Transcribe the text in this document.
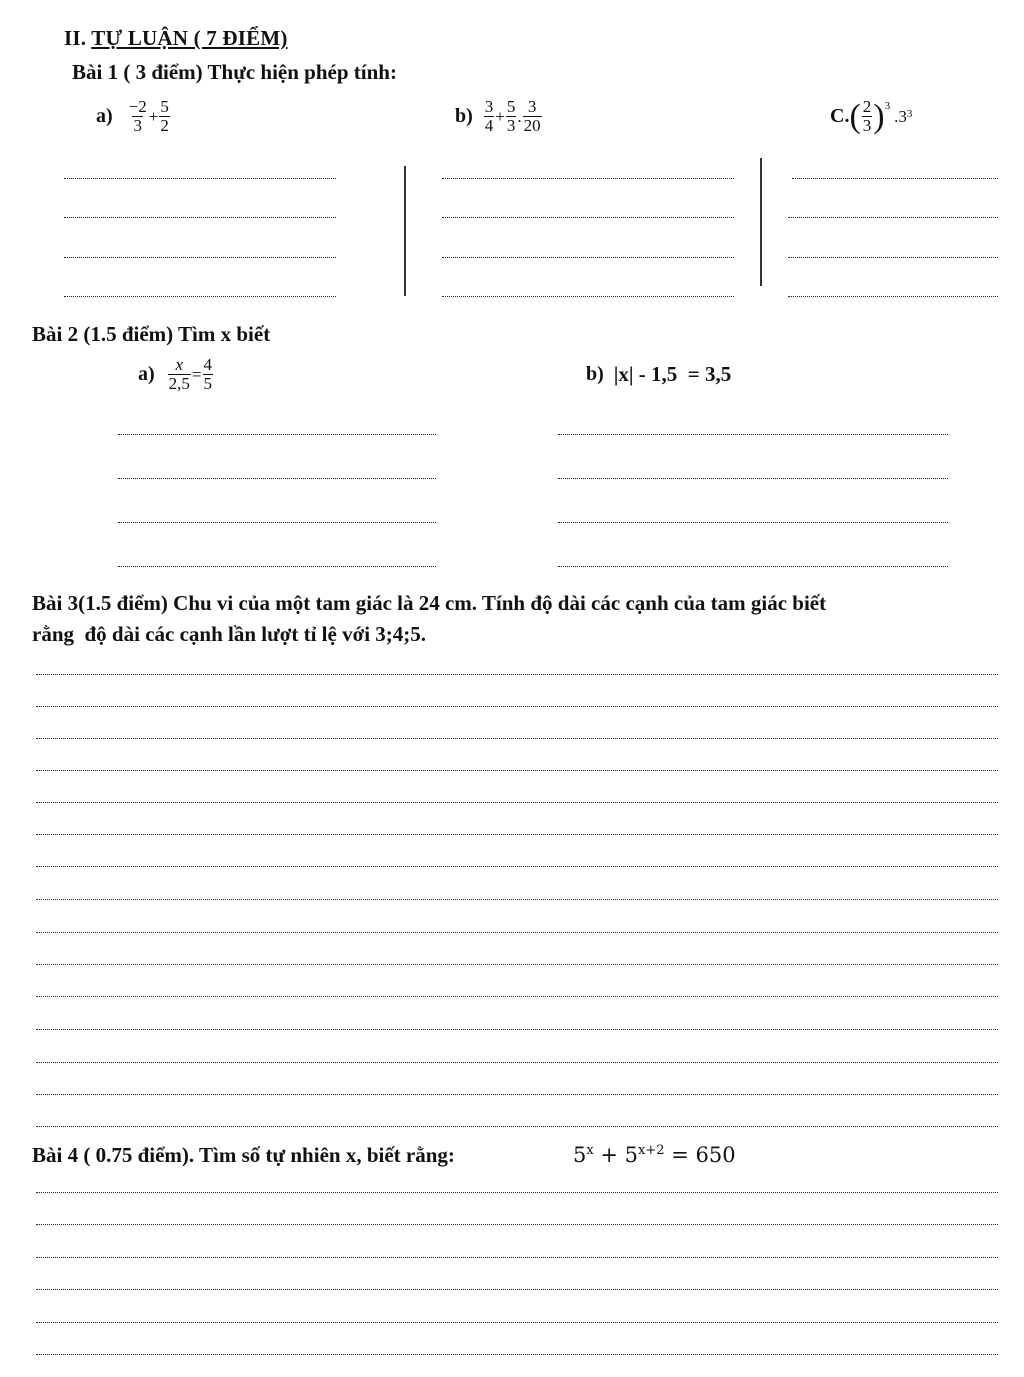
II. TỰ LUẬN ( 7 ĐIỂM)
Bài 1 ( 3 điểm) Thực hiện phép tính:
$a) \frac{-2}{3} + \frac{5}{2}$	$b) \frac{3}{4} + \frac{5}{3}$ . $\frac{3}{20}$	C. ( $\frac{2}{3} )^3$
.3 3
Bài 2 (1.5 điểm) Tìm x biết
$a) \frac{x}{2,5} = \frac{4}{5}$	b) |x| - 1,5  = 3,5
Bài 3(1.5 điểm) Chu vi của một tam giác là 24 cm. Tính độ dài các cạnh của tam giác biết
rằng  độ dài các cạnh lần lượt tỉ lệ với 3;4;5.
Bài 4 ( 0.75 điểm). Tìm số tự nhiên x, biết rằng:	$5^x + 5^{x+2} = 650$
